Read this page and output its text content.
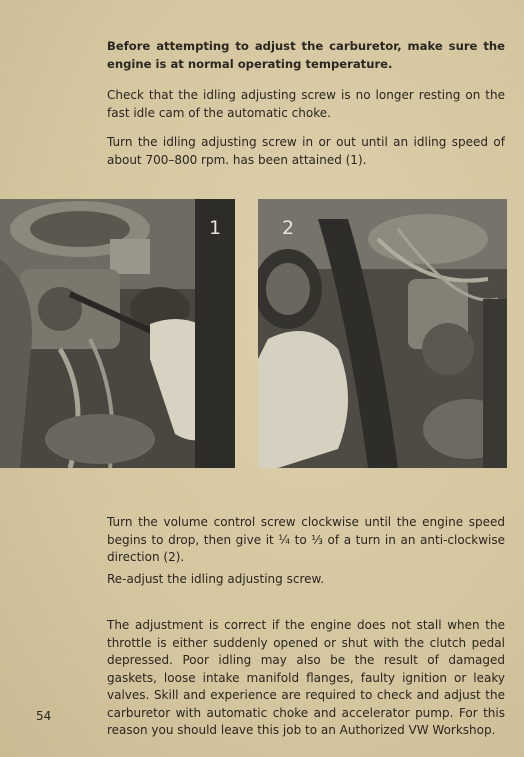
Before attempting to adjust the carburetor, make sure the engine is at normal operating temperature.

Check that the idling adjusting screw is no longer resting on the fast idle cam of the automatic choke.

Turn the idling adjusting screw in or out until an idling speed of about 700–800 rpm. has been attained (1).

1	2

Turn the volume control screw clockwise until the engine speed begins to drop, then give it ¼ to ⅓ of a turn in an anti-clockwise direction (2).

Re-adjust the idling adjusting screw.

The adjustment is correct if the engine does not stall when the throttle is either suddenly opened or shut with the clutch pedal depressed. Poor idling may also be the result of damaged gaskets, loose intake manifold flanges, faulty ignition or leaky valves. Skill and experience are required to check and adjust the carburetor with automatic choke and accelerator pump. For this reason you should leave this job to an Authorized VW Workshop.

54
